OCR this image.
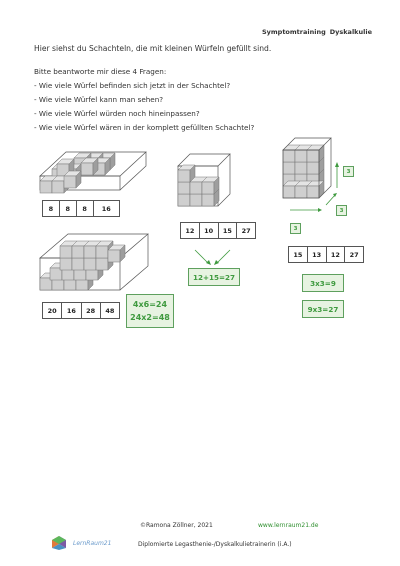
Symptomtraining Dyskalkulie
Hier siehst du Schachteln, die mit kleinen Würfeln gefüllt sind.
Bitte beantworte mir diese 4 Fragen:
- Wie viele Würfel befinden sich jetzt in der Schachtel?
- Wie viele Würfel kann man sehen?
- Wie viele Würfel würden noch hineinpassen?
- Wie viele Würfel wären in der komplett gefüllten Schachtel?
3
3
3
8	8	8	16
12	10	15	27
15	13	12	27
20	16	28	48
12+15=27
3x3=9
9x3=27
4x6=24
24x2=48
©Ramona Zöllner, 2021	www.lernraum21.de
Diplomierte Legasthenie-/Dyskalkulietrainerin (i.A.)
LernRaum21
